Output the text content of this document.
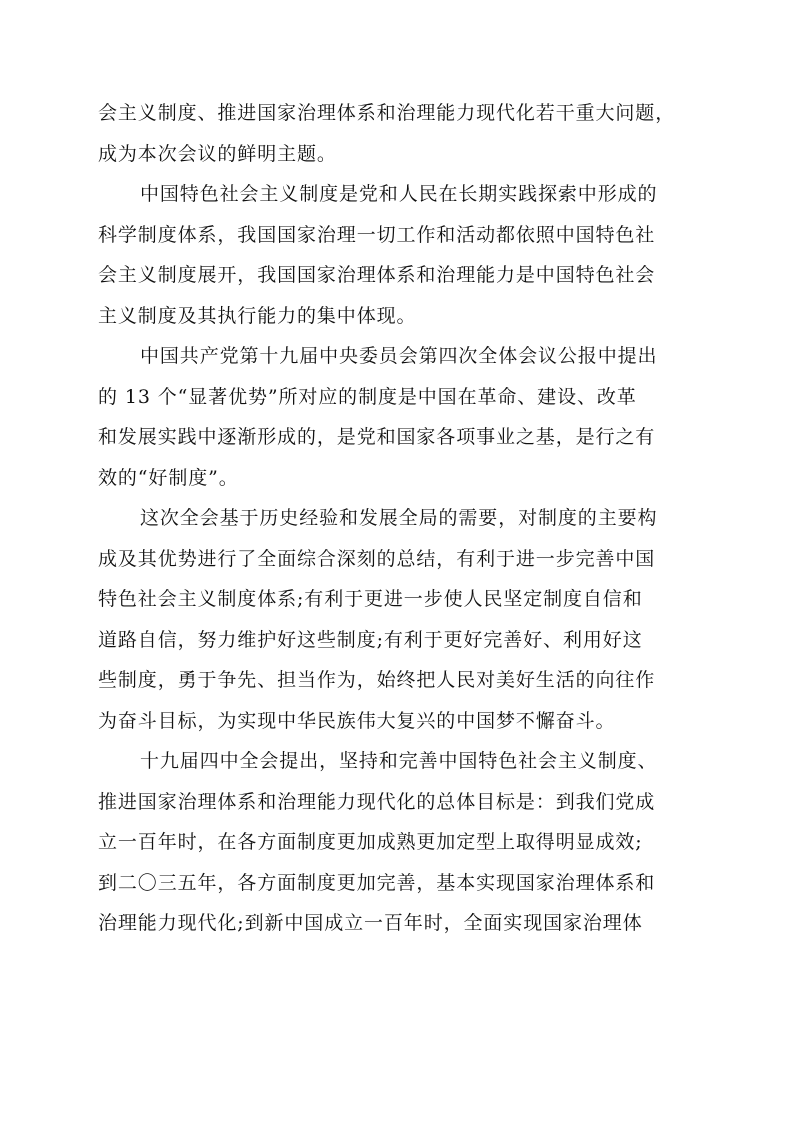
会主义制度、推进国家治理体系和治理能力现代化若干重大问题，
成为本次会议的鲜明主题。
中国特色社会主义制度是党和人民在长期实践探索中形成的
科学制度体系，我国国家治理一切工作和活动都依照中国特色社
会主义制度展开，我国国家治理体系和治理能力是中国特色社会
主义制度及其执行能力的集中体现。
中国共产党第十九届中央委员会第四次全体会议公报中提出
的 13 个“显著优势”所对应的制度是中国在革命、建设、改革
和发展实践中逐渐形成的，是党和国家各项事业之基，是行之有
效的“好制度”。
这次全会基于历史经验和发展全局的需要，对制度的主要构
成及其优势进行了全面综合深刻的总结，有利于进一步完善中国
特色社会主义制度体系;有利于更进一步使人民坚定制度自信和
道路自信，努力维护好这些制度;有利于更好完善好、利用好这
些制度，勇于争先、担当作为，始终把人民对美好生活的向往作
为奋斗目标，为实现中华民族伟大复兴的中国梦不懈奋斗。
十九届四中全会提出，坚持和完善中国特色社会主义制度、
推进国家治理体系和治理能力现代化的总体目标是：到我们党成
立一百年时，在各方面制度更加成熟更加定型上取得明显成效;
到二〇三五年，各方面制度更加完善，基本实现国家治理体系和
治理能力现代化;到新中国成立一百年时，全面实现国家治理体
